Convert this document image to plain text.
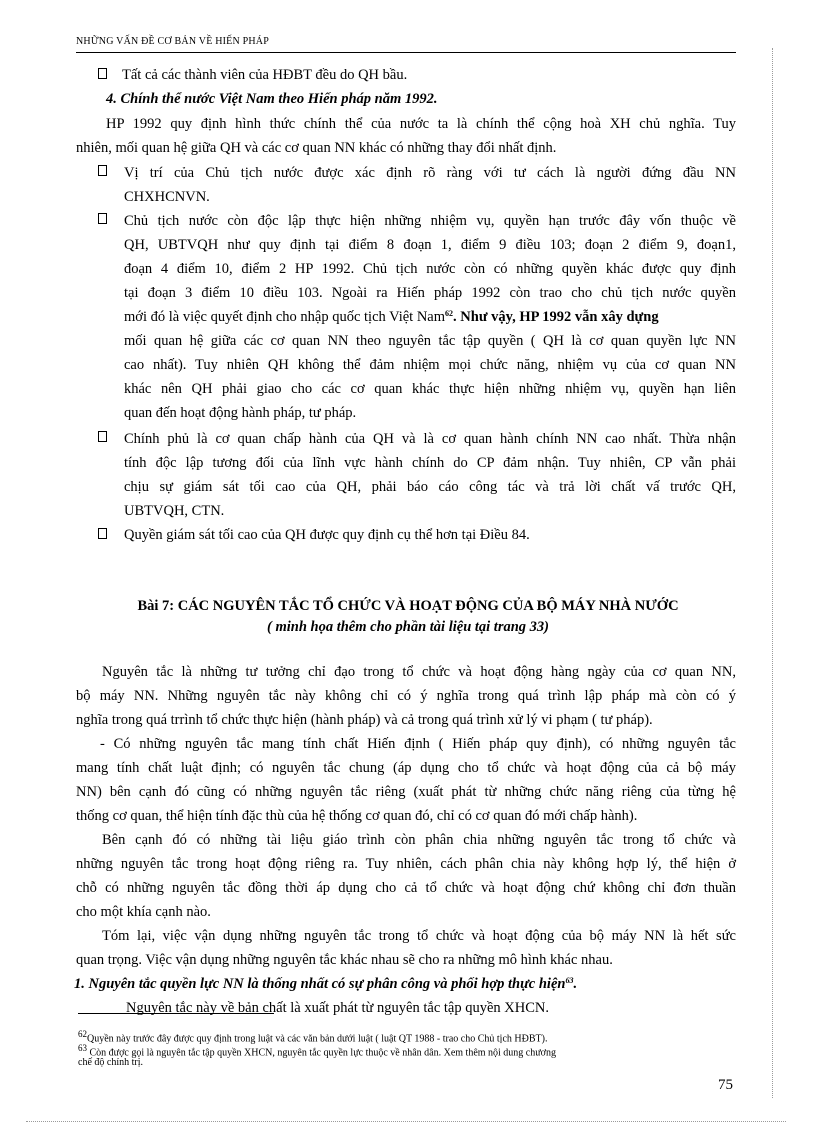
NHỮNG VẤN ĐỀ CƠ BẢN VỀ HIẾN PHÁP
Tất cả các thành viên của HĐBT đều do QH bầu.
4. Chính thể nước Việt Nam theo Hiến pháp năm 1992.
HP 1992 quy định hình thức chính thể của nước ta là chính thể cộng hoà XH chủ nghĩa. Tuy
nhiên, mối quan hệ giữa QH và các cơ quan NN khác có những thay đổi nhất định.
Vị trí của Chủ tịch nước được xác định rõ ràng với tư cách là người đứng đầu NN
CHXHCNVN.
Chủ tịch nước còn độc lập thực hiện những nhiệm vụ, quyền hạn trước đây vốn thuộc về
QH, UBTVQH như quy định tại điểm 8 đoạn 1, điểm 9 điều 103; đoạn 2 điểm 9, đoạn1,
đoạn 4 điểm 10, điểm 2 HP 1992. Chủ tịch nước còn có những quyền khác được quy định
tại đoạn 3 điểm 10 điều 103. Ngoài ra Hiến pháp 1992 còn trao cho chủ tịch nước quyền
mới đó là việc quyết định cho nhập quốc tịch Việt Nam$^{62}$. Như vậy, HP 1992 vẫn xây dựng
mối quan hệ giữa các cơ quan NN theo nguyên tắc tập quyền ( QH là cơ quan quyền lực NN
cao nhất). Tuy nhiên QH không thể đảm nhiệm mọi chức năng, nhiệm vụ của cơ quan NN
khác nên QH phải giao cho các cơ quan khác thực hiện những nhiệm vụ, quyền hạn liên
quan đến hoạt động hành pháp, tư pháp.
Chính phủ là cơ quan chấp hành của QH và là cơ quan hành chính NN cao nhất. Thừa nhận
tính độc lập tương đối của lĩnh vực hành chính do CP đảm nhận. Tuy nhiên, CP vẫn phải
chịu sự giám sát tối cao của QH, phải báo cáo công tác và trả lời chất vấ trước QH,
UBTVQH, CTN.
Quyền giám sát tối cao của QH được quy định cụ thể hơn tại Điều 84.
Nguyên tắc là những tư tưởng chỉ đạo trong tổ chức và hoạt động hàng ngày của cơ quan NN,
bộ máy NN. Những nguyên tắc này không chỉ có ý nghĩa trong quá trình lập pháp mà còn có ý
nghĩa trong quá trrình tổ chức thực hiện (hành pháp) và cả trong quá trình xử lý vi phạm ( tư pháp).
- Có những nguyên tắc mang tính chất Hiến định ( Hiến pháp quy định), có những nguyên tắc
mang tính chất luật định; có nguyên tắc chung (áp dụng cho tổ chức và hoạt động của cả bộ máy
NN) bên cạnh đó cũng có những nguyên tắc riêng (xuất phát từ những chức năng riêng của từng hệ
thống cơ quan, thể hiện tính đặc thù của hệ thống cơ quan đó, chỉ có cơ quan đó mới chấp hành).
Bên cạnh đó có những tài liệu giáo trình còn phân chia những nguyên tắc trong tổ chức và
những nguyên tắc trong hoạt động riêng ra. Tuy nhiên, cách phân chia này không hợp lý, thể hiện ở
chỗ có những nguyên tắc đồng thời áp dụng cho cả tổ chức và hoạt động chứ không chỉ đơn thuần
cho một khía cạnh nào.
Tóm lại, việc vận dụng những nguyên tắc trong tổ chức và hoạt động của bộ máy NN là hết sức
quan trọng. Việc vận dụng những nguyên tắc khác nhau sẽ cho ra những mô hình khác nhau.
1. Nguyên tắc quyền lực NN là thống nhất có sự phân công và phối hợp thực hiện$^{63}$.
Nguyên tắc này về bản chất là xuất phát từ nguyên tắc tập quyền XHCN.
Bài 7: CÁC NGUYÊN TẮC TỔ CHỨC VÀ HOẠT ĐỘNG CỦA BỘ MÁY NHÀ NƯỚC
( minh họa thêm cho phần tài liệu tại trang 33)
$^{62}$Quyền này trước đây được quy định trong luật và các văn bản dưới luật ( luật QT 1988 - trao cho Chủ tịch HĐBT).
$^{63}$ Còn được gọi là nguyên tắc tập quyền XHCN, nguyên tắc quyền lực thuộc về nhân dân. Xem thêm nội dung chương
chế độ chính trị.
75
